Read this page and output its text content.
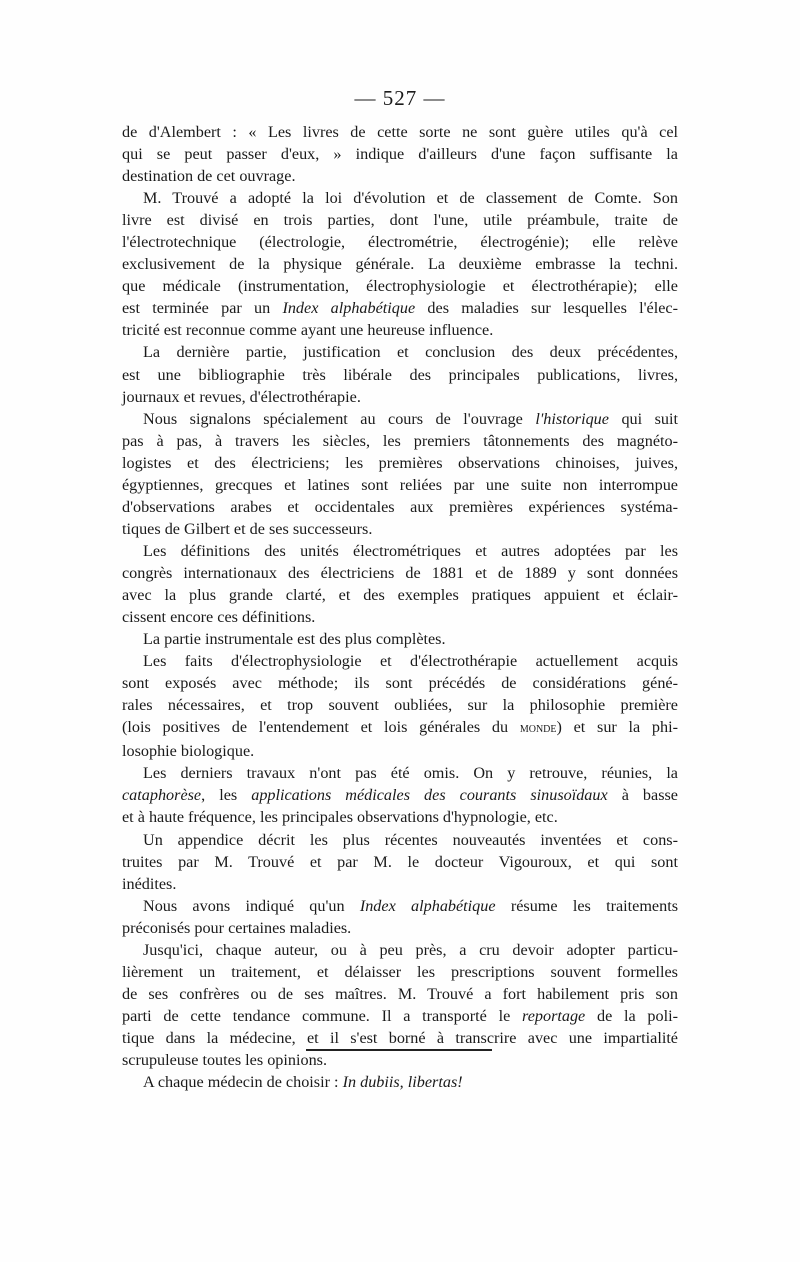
— 527 —

de d'Alembert : « Les livres de cette sorte ne sont guère utiles qu'à cel
qui se peut passer d'eux, » indique d'ailleurs d'une façon suffisante la
destination de cet ouvrage.

M. Trouvé a adopté la loi d'évolution et de classement de Comte. Son
livre est divisé en trois parties, dont l'une, utile préambule, traite de
l'électrotechnique (électrologie, électrométrie, électrogénie); elle relève
exclusivement de la physique générale. La deuxième embrasse la techni.
que médicale (instrumentation, électrophysiologie et électrothérapie); elle
est terminée par un Index alphabétique des maladies sur lesquelles l'élec-
tricité est reconnue comme ayant une heureuse influence.

La dernière partie, justification et conclusion des deux précédentes,
est une bibliographie très libérale des principales publications, livres,
journaux et revues, d'électrothérapie.

Nous signalons spécialement au cours de l'ouvrage l'historique qui suit
pas à pas, à travers les siècles, les premiers tâtonnements des magnéto-
logistes et des électriciens; les premières observations chinoises, juives,
égyptiennes, grecques et latines sont reliées par une suite non interrompue
d'observations arabes et occidentales aux premières expériences systéma-
tiques de Gilbert et de ses successeurs.

Les définitions des unités électrométriques et autres adoptées par les
congrès internationaux des électriciens de 1881 et de 1889 y sont données
avec la plus grande clarté, et des exemples pratiques appuient et éclair-
cissent encore ces définitions.

La partie instrumentale est des plus complètes.

Les faits d'électrophysiologie et d'électrothérapie actuellement acquis
sont exposés avec méthode; ils sont précédés de considérations géné-
rales nécessaires, et trop souvent oubliées, sur la philosophie première
(lois positives de l'entendement et lois générales du monde) et sur la phi-
losophie biologique.

Les derniers travaux n'ont pas été omis. On y retrouve, réunies, la
cataphorèse, les applications médicales des courants sinusoïdaux à basse
et à haute fréquence, les principales observations d'hypnologie, etc.

Un appendice décrit les plus récentes nouveautés inventées et cons-
truites par M. Trouvé et par M. le docteur Vigouroux, et qui sont
inédites.

Nous avons indiqué qu'un Index alphabétique résume les traitements
préconisés pour certaines maladies.

Jusqu'ici, chaque auteur, ou à peu près, a cru devoir adopter particu-
lièrement un traitement, et délaisser les prescriptions souvent formelles
de ses confrères ou de ses maîtres. M. Trouvé a fort habilement pris son
parti de cette tendance commune. Il a transporté le reportage de la poli-
tique dans la médecine, et il s'est borné à transcrire avec une impartialité
scrupuleuse toutes les opinions.

A chaque médecin de choisir : In dubiis, libertas!
